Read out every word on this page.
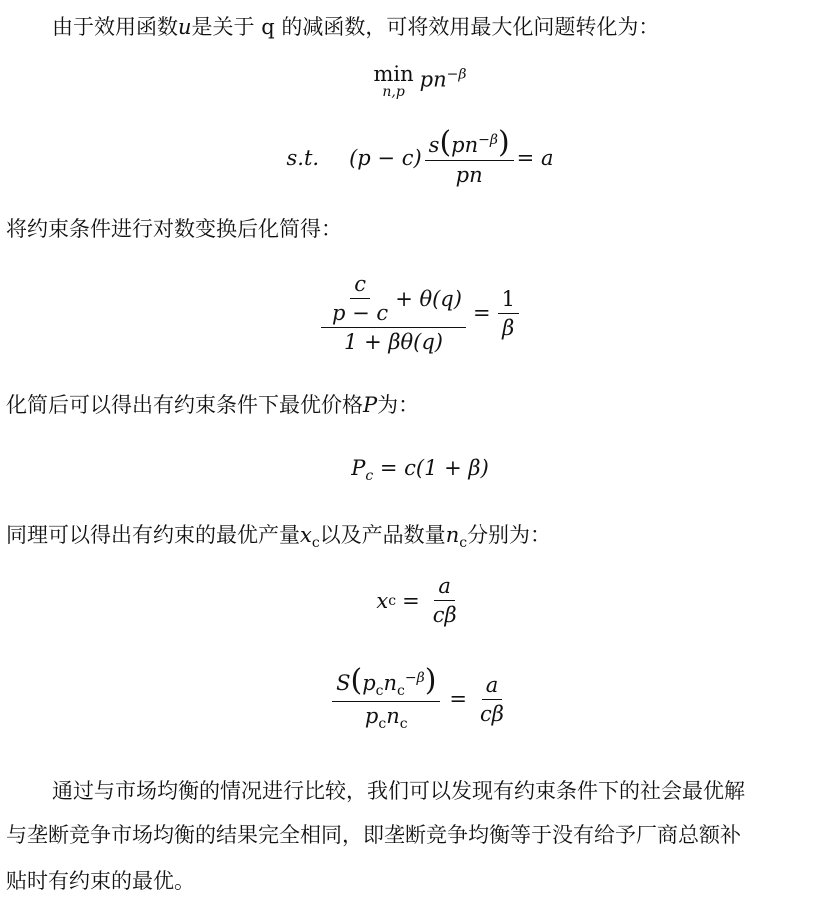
由于效用函数u是关于 q 的减函数，可将效用最大化问题转化为：
min
n,p
$pn^{-\beta}$
s.t. $(p - c) \frac{s(pn^{-\beta})}{pn} = a$
将约束条件进行对数变换后化简得：
$\frac{\frac{c}{p - c} + \theta(q)}{1 + \beta\theta(q)} = \frac{1}{\beta}$
化简后可以得出有约束条件下最优价格P为：
$P_c = c(1 + \beta)$
同理可以得出有约束的最优产量$x_c$以及产品数量$n_c$分别为：
x $c = \frac{a}{c\beta}$
$\frac{S(p_cn_c^{-\beta})}{p_cn_c} = \frac{a}{c\beta}$
通过与市场均衡的情况进行比较，我们可以发现有约束条件下的社会最优解
与垄断竞争市场均衡的结果完全相同，即垄断竞争均衡等于没有给予厂商总额补
贴时有约束的最优。
